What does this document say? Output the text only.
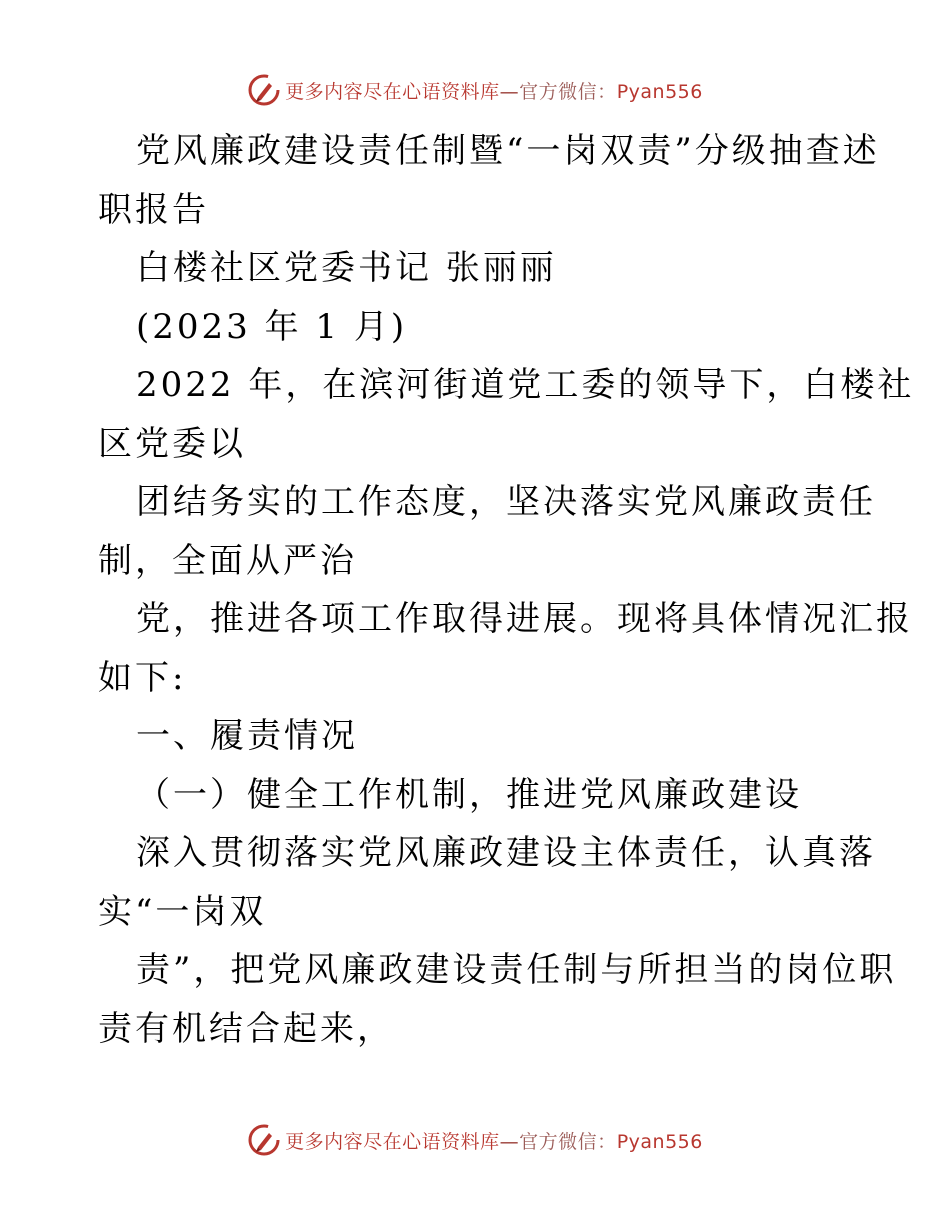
更多内容尽在心语资料库—官方微信：Pyan556
党风廉政建设责任制暨“一岗双责”分级抽查述
职报告
白楼社区党委书记 张丽丽
(2023 年 1 月)
2022 年，在滨河街道党工委的领导下，白楼社
区党委以
团结务实的工作态度，坚决落实党风廉政责任
制，全面从严治
党，推进各项工作取得进展。现将具体情况汇报
如下:
一、履责情况
（一）健全工作机制，推进党风廉政建设
深入贯彻落实党风廉政建设主体责任，认真落
实“一岗双
责”，把党风廉政建设责任制与所担当的岗位职
责有机结合起来，
更多内容尽在心语资料库—官方微信：Pyan556
